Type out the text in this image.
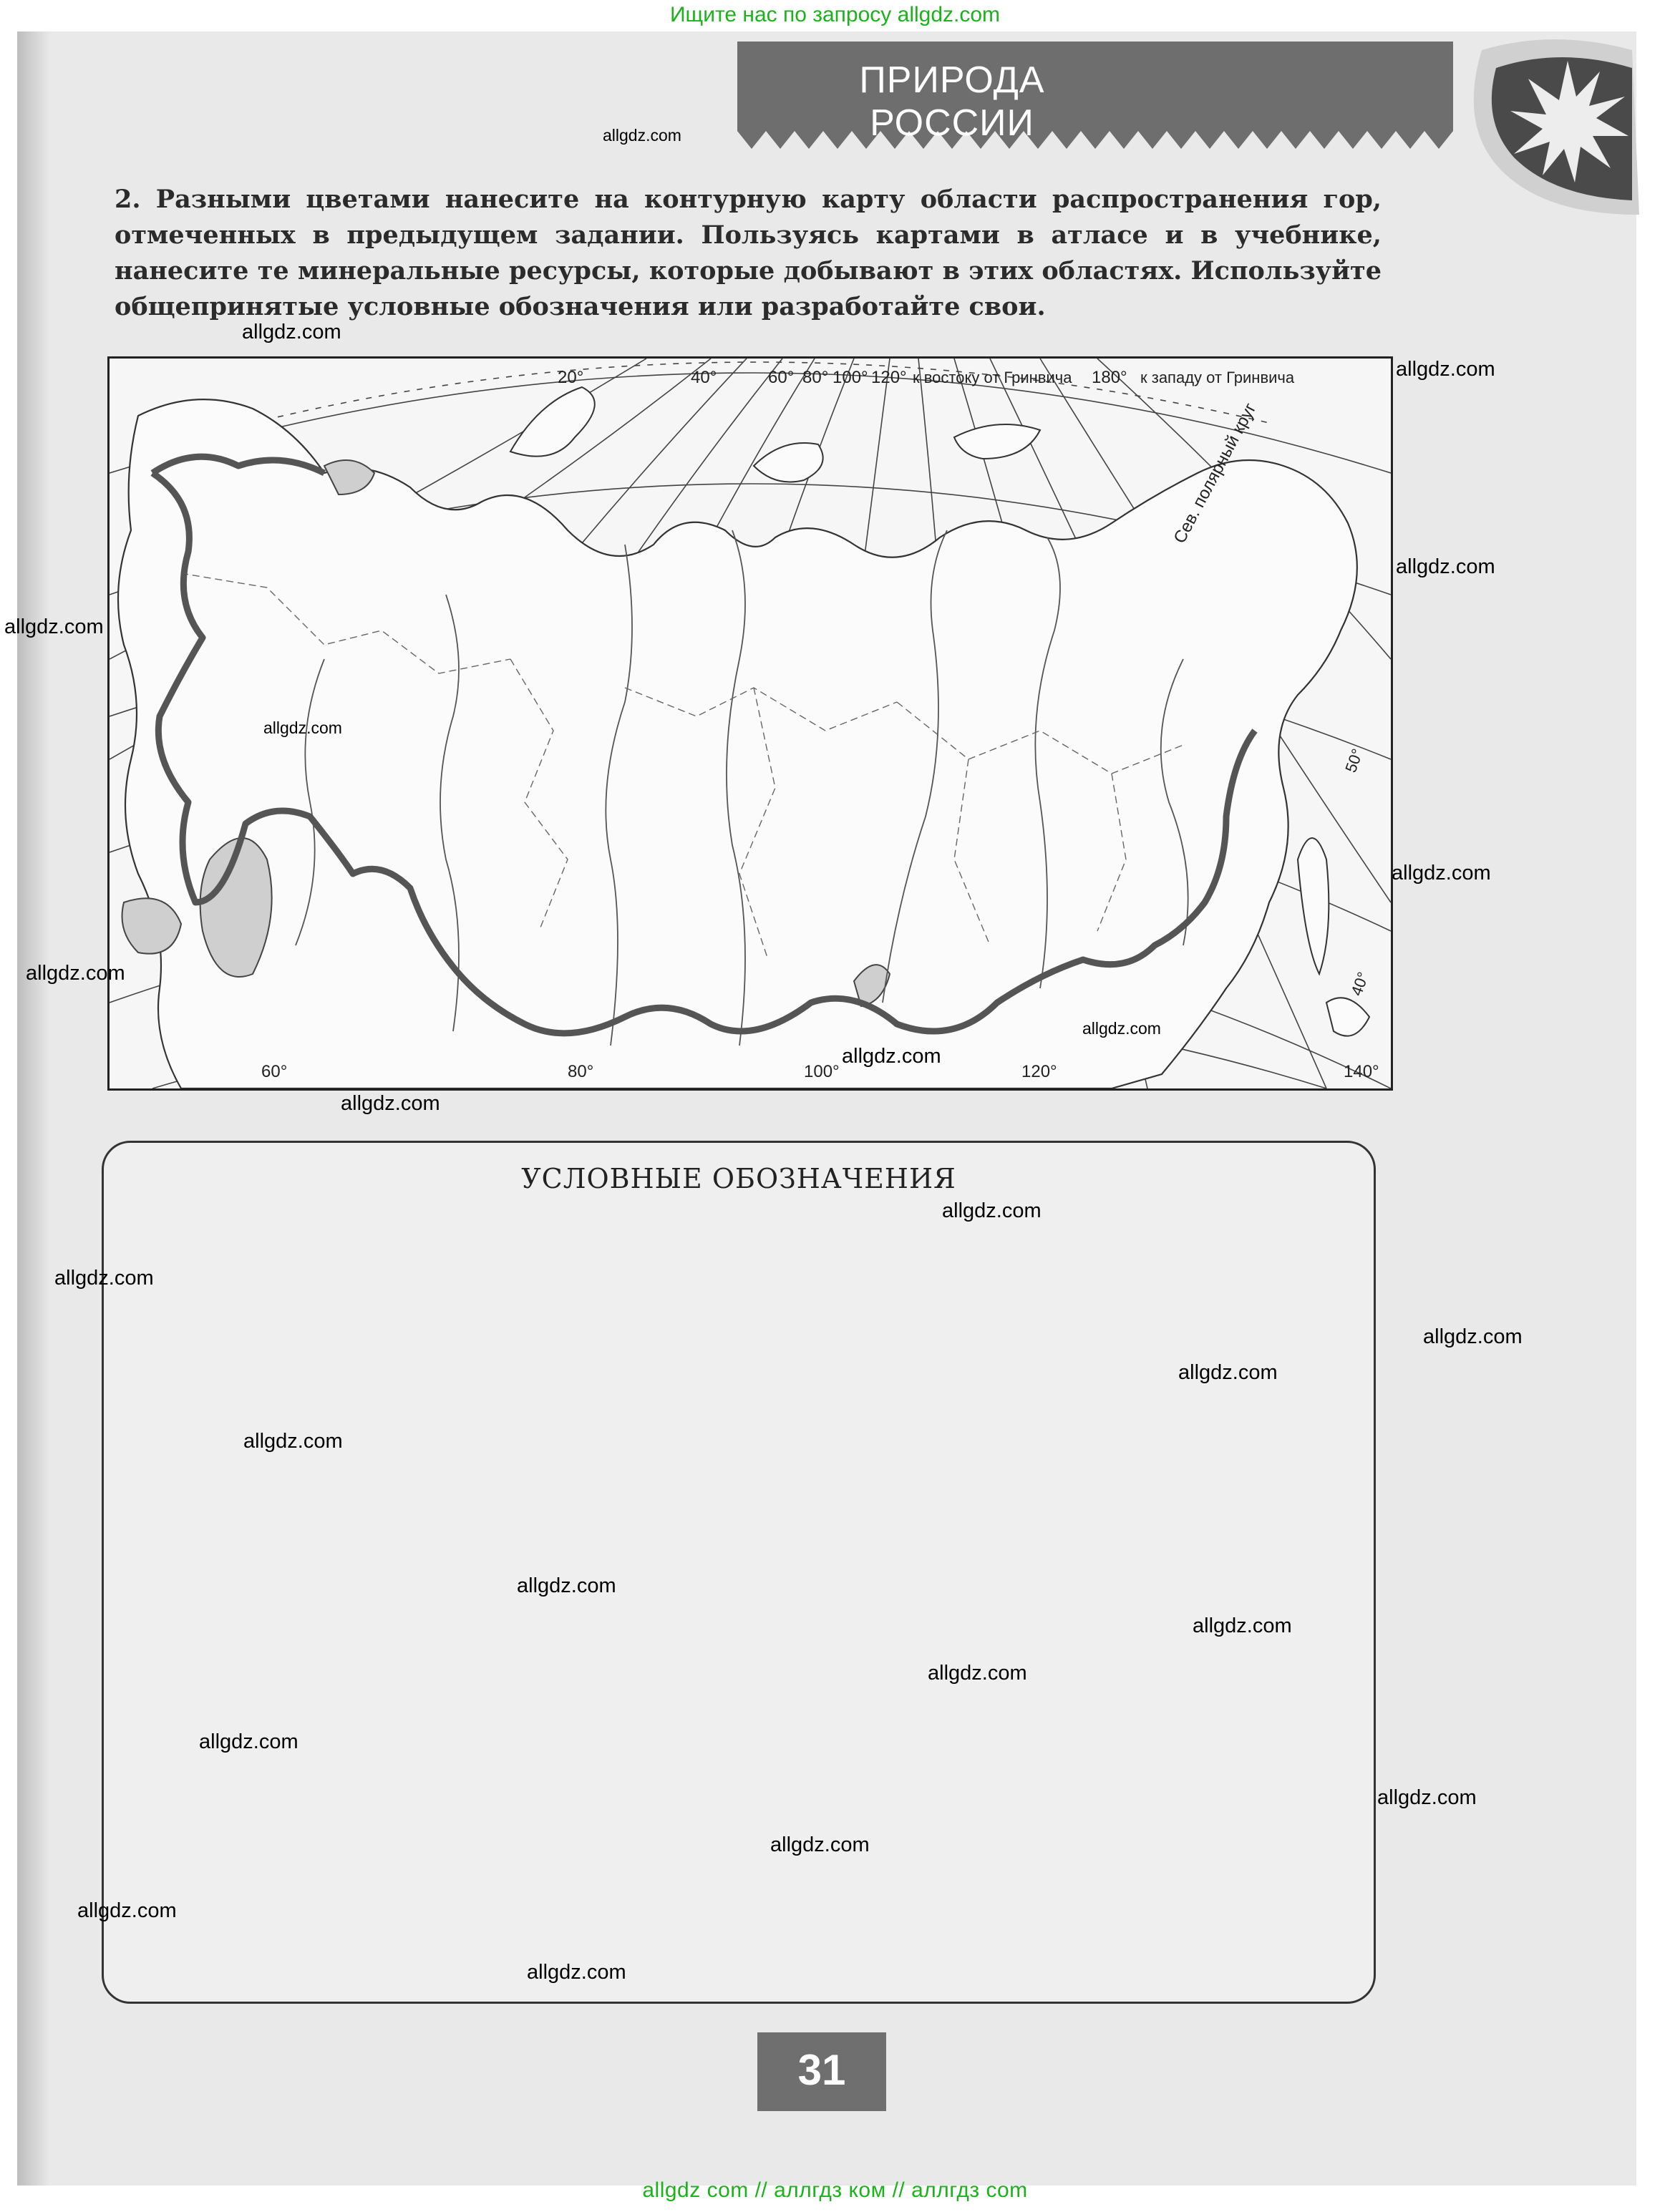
Ищите нас по запросу allgdz.com
ПРИРОДА РОССИИ
2. Разными цветами нанесите на контурную карту области распространения гор, отмеченных в предыдущем задании. Пользуясь картами в атласе и в учебнике, нанесите те минеральные ресурсы, которые добывают в этих областях. Используйте общепринятые условные обозначения или разработайте свои.
20°	40°	60° 80° 100° 120° к востоку от Гринвича 180° к западу от Гринвича
Сев. полярный круг
50°
40°
60°	80°	100°	120°	140°
УСЛОВНЫЕ ОБОЗНАЧЕНИЯ
31
allgdz.com
allgdz.com
allgdz.com
allgdz.com
allgdz.com
allgdz.com
allgdz.com
allgdz.com
allgdz.com
allgdz.com
allgdz.com
allgdz.com
allgdz.com
allgdz.com
allgdz.com
allgdz.com
allgdz.com
allgdz.com
allgdz.com
allgdz.com
allgdz.com
allgdz.com
allgdz.com
allgdz.com
allgdz com // аллгдз ком // аллгдз com
